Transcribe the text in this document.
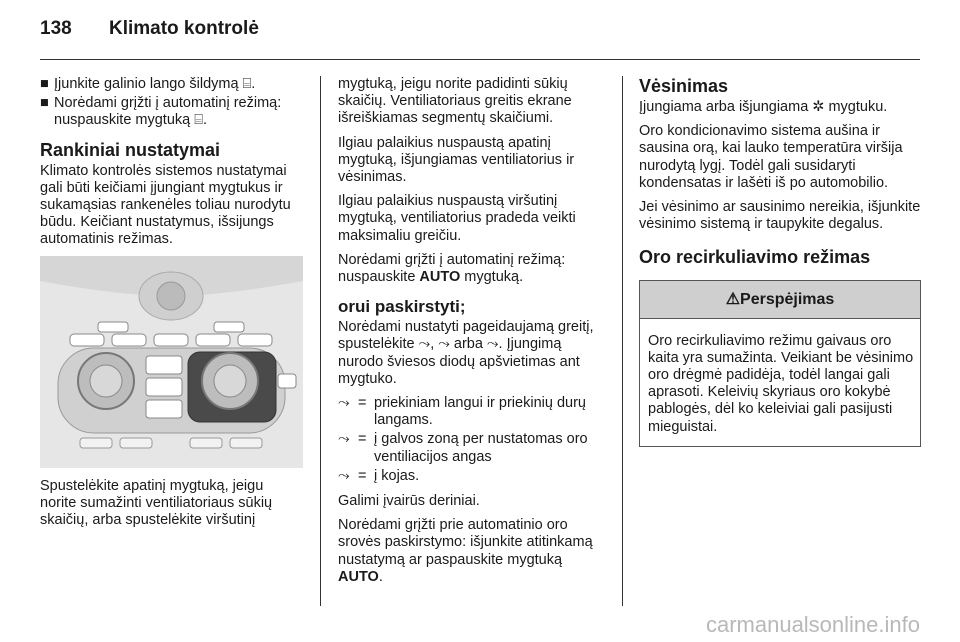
138 Klimato kontrolė
■ Įjunkite galinio lango šildymą ⌸.
■ Norėdami grįžti į automatinį režimą: nuspauskite mygtuką ⌸.
Rankiniai nustatymai

Klimato kontrolės sistemos nustatymai gali būti keičiami įjungiant mygtukus ir sukamąsias rankenėles toliau nurodytu būdu. Keičiant nustatymus, išsijungs automatinis režimas.

Spustelėkite apatinį mygtuką, jeigu norite sumažinti ventiliatoriaus sūkių skaičių, arba spustelėkite viršutinį

mygtuką, jeigu norite padidinti sūkių skaičių. Ventiliatoriaus greitis ekrane išreiškiamas segmentų skaičiumi.

Ilgiau palaikius nuspaustą apatinį mygtuką, išjungiamas ventiliatorius ir vėsinimas.

Ilgiau palaikius nuspaustą viršutinį mygtuką, ventiliatorius pradeda veikti maksimaliu greičiu.

Norėdami grįžti į automatinį režimą: nuspauskite AUTO mygtuką.

orui paskirstyti;

Norėdami nustatyti pageidaujamą greitį, spustelėkite ⤳, ⤳ arba ⤳. Įjungimą nurodo šviesos diodų apšvietimas ant mygtuko.

⤳ = priekiniam langui ir priekinių durų langams.
⤳ = į galvos zoną per nustatomas oro ventiliacijos angas
⤳ = į kojas.

Galimi įvairūs deriniai.

Norėdami grįžti prie automatinio oro srovės paskirstymo: išjunkite atitinkamą nustatymą ar paspauskite mygtuką AUTO.

Vėsinimas

Įjungiama arba išjungiama ✲ mygtuku.

Oro kondicionavimo sistema aušina ir sausina orą, kai lauko temperatūra viršija nurodytą lygį. Todėl gali susidaryti kondensatas ir lašėti iš po automobilio.

Jei vėsinimo ar sausinimo nereikia, išjunkite vėsinimo sistemą ir taupykite degalus.

Oro recirkuliavimo režimas
⚠Perspėjimas
Oro recirkuliavimo režimu gaivaus oro kaita yra sumažinta. Veikiant be vėsinimo oro drėgmė padidėja, todėl langai gali aprasoti. Keleivių skyriaus oro kokybė pablogės, dėl ko keleiviai gali pasijusti mieguistai.
carmanualsonline.info
